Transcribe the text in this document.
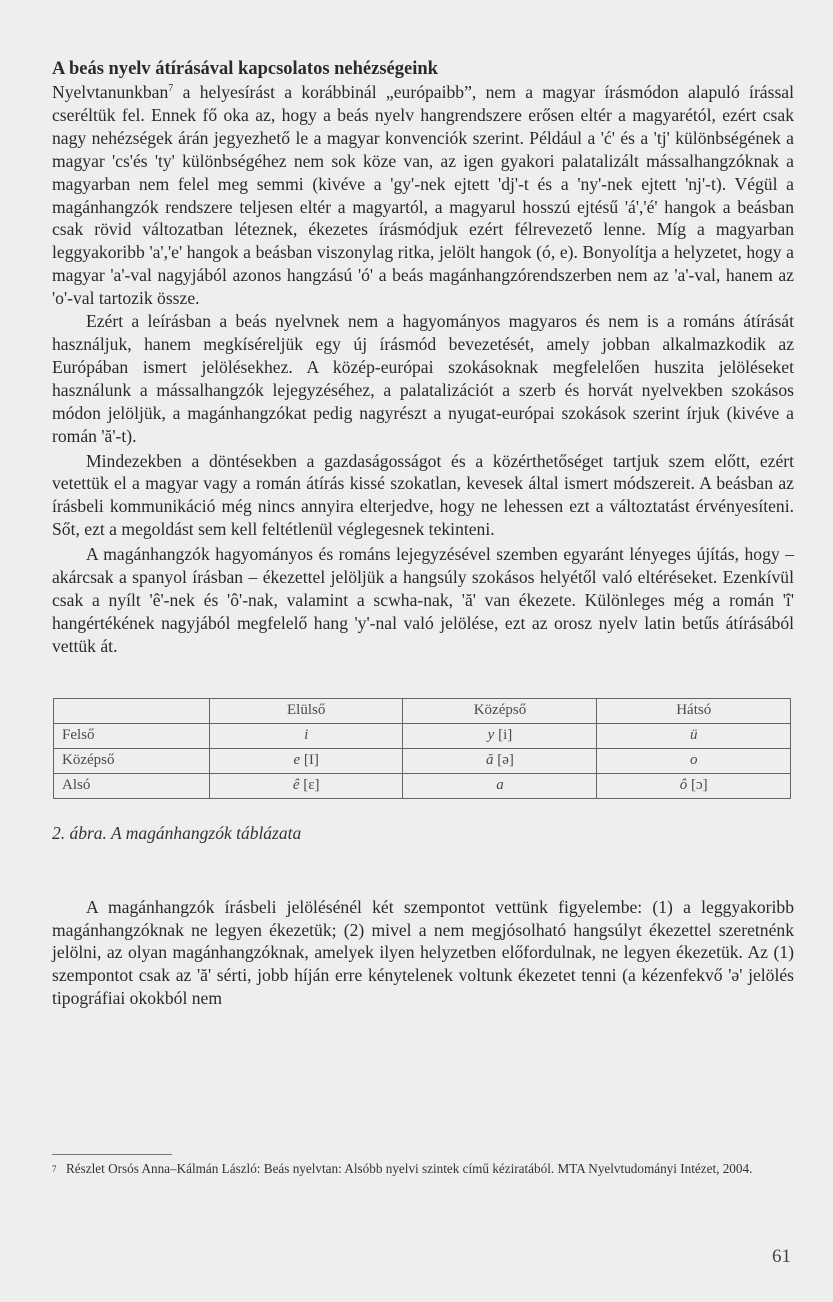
A beás nyelv átírásával kapcsolatos nehézségeink

Nyelvtanunkban$^7$ a helyesírást a korábbinál „európaibb”, nem a magyar írásmódon alapuló írással cseréltük fel. Ennek fő oka az, hogy a beás nyelv hangrendszere erősen eltér a magyarétól, ezért csak nagy nehézségek árán jegyezhető le a magyar konvenciók szerint. Például a 'ć' és a 'tj' különbségének a magyar 'cs'és 'ty' különbségéhez nem sok köze van, az igen gyakori palatalizált mássalhangzóknak a magyarban nem felel meg semmi (kivéve a 'gy'-nek ejtett 'dj'-t és a 'ny'-nek ejtett 'nj'-t). Végül a magánhangzók rendszere teljesen eltér a magyartól, a magyarul hosszú ejtésű 'á','é' hangok a beásban csak rövid változatban léteznek, ékezetes írásmódjuk ezért félrevezető lenne. Míg a magyarban leggyakoribb 'a','e' hangok a beásban viszonylag ritka, jelölt hangok (ó, e). Bonyolítja a helyzetet, hogy a magyar 'a'-val nagyjából azonos hangzású 'ó' a beás magánhangzórendszerben nem az 'a'-val, hanem az 'o'-val tartozik össze.

Ezért a leírásban a beás nyelvnek nem a hagyományos magyaros és nem is a románs átírását használjuk, hanem megkíséreljük egy új írásmód bevezetését, amely jobban alkalmazkodik az Európában ismert jelölésekhez. A közép-európai szokásoknak megfelelően huszita jelöléseket használunk a mássalhangzók lejegyzéséhez, a palatalizációt a szerb és horvát nyelvekben szokásos módon jelöljük, a magánhangzókat pedig nagyrészt a nyugat-európai szokások szerint írjuk (kivéve a román 'ă'-t).

Mindezekben a döntésekben a gazdaságosságot és a közérthetőséget tartjuk szem előtt, ezért vetettük el a magyar vagy a román átírás kissé szokatlan, kevesek által ismert módszereit. A beásban az írásbeli kommunikáció még nincs annyira elterjedve, hogy ne lehessen ezt a változtatást érvényesíteni. Sőt, ezt a megoldást sem kell feltétlenül véglegesnek tekinteni.

A magánhangzók hagyományos és románs lejegyzésével szemben egyaránt lényeges újítás, hogy – akárcsak a spanyol írásban – ékezettel jelöljük a hangsúly szokásos helyétől való eltéréseket. Ezenkívül csak a nyílt 'ê'-nek és 'ô'-nak, valamint a scwha-nak, 'ă' van ékezete. Különleges még a román 'î' hangértékének nagyjából megfelelő hang 'y'-nal való jelölése, ezt az orosz nyelv latin betűs átírásából vettük át.

	Elülső	Középső	Hátsó
Felső	i	y [i]	ü
Középső	e [I]	ă [ə]	o
Alsó	ê [ɛ]	a	ô [ɔ]
2. ábra. A magánhangzók táblázata

A magánhangzók írásbeli jelölésénél két szempontot vettünk figyelembe: (1) a leggyakoribb magánhangzóknak ne legyen ékezetük; (2) mivel a nem megjósolható hangsúlyt ékezettel szeretnénk jelölni, az olyan magánhangzóknak, amelyek ilyen helyzetben előfordulnak, ne legyen ékezetük. Az (1) szempontot csak az 'ă' sérti, jobb híján erre kénytelenek voltunk ékezetet tenni (a kézenfekvő 'ə' jelölés tipográfiai okokból nem

7 Részlet Orsós Anna–Kálmán László: Beás nyelvtan: Alsóbb nyelvi szintek című kéziratából. MTA Nyelvtudományi Intézet, 2004.
61
